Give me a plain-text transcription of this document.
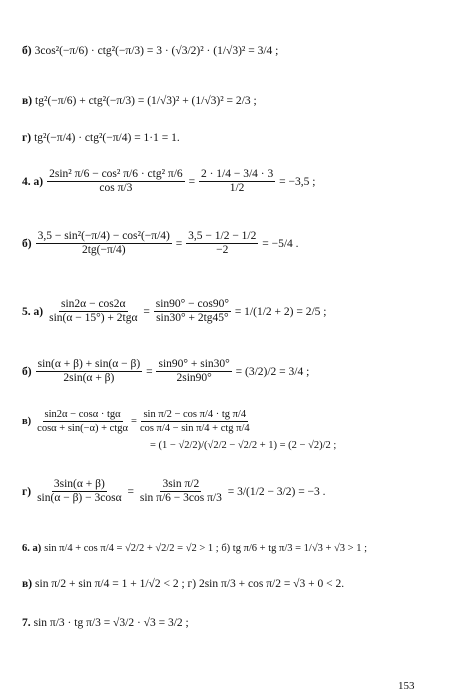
б) 3cos²(−π/6) · ctg²(−π/3) = 3 · (√3/2)² · (1/√3)² = 3/4 ;
в) tg²(−π/6) + ctg²(−π/3) = (1/√3)² + (1/√3)² = 2/3 ;
г) tg²(−π/4) · ctg²(−π/4) = 1·1 = 1.
4. а)
2sin² π/6 − cos² π/6 · ctg² π/6
cos π/3
= $\frac{2 \cdot 1/4 - 3/4 \cdot 3}{1/2}$
= −3,5 ;
$б) \frac{\text{3,5 − sin²(−π/4) − cos²(−π/4)}}{2tg(-\pi/4)} = \frac{3,5 - 1/2 - 1/2}{-2}$
= −5/4 .
5. а)
sin2α − cos2α
sin(α − 15°) + 2tgα
= $\frac{\sin 90^\circ - \cos 90^\circ}{\sin 30^\circ + 2tg45^\circ}$
= 1/(1/2 + 2) = 2/5 ;
$б) \frac{\sin(\alpha + \beta) + \sin(\alpha - \beta)}{2\sin(\alpha + \beta)} = \frac{\sin 90^\circ + \sin 30^\circ}{2\sin 90^\circ}$
= (3/2)/2 = 3/4 ;
в)
sin2α − cosα · tgα
cosα + sin(−α) + ctgα
=
sin π/2 − cos π/4 · tg π/4
cos π/4 − sin π/4 + ctg π/4
= (1 − √2/2)/(√2/2 − √2/2 + 1) = (2 − √2)/2 ;
$г) \frac{3\sin(\alpha + \beta)}{\sin(\alpha - \beta) - 3\cos\alpha} = \frac{\text{3sin π/2}}{\text{sin π/6 − 3cos π/3}}$
= 3/(1/2 − 3/2) = −3 .
6. а) sin π/4 + cos π/4 = √2/2 + √2/2 = √2 > 1 ; б) tg π/6 + tg π/3 = 1/√3 + √3 > 1 ;
в) sin π/2 + sin π/4 = 1 + 1/√2 < 2 ; г) 2sin π/3 + cos π/2 = √3 + 0 < 2.
7. sin π/3 · tg π/3 = √3/2 · √3 = 3/2 ;
153
